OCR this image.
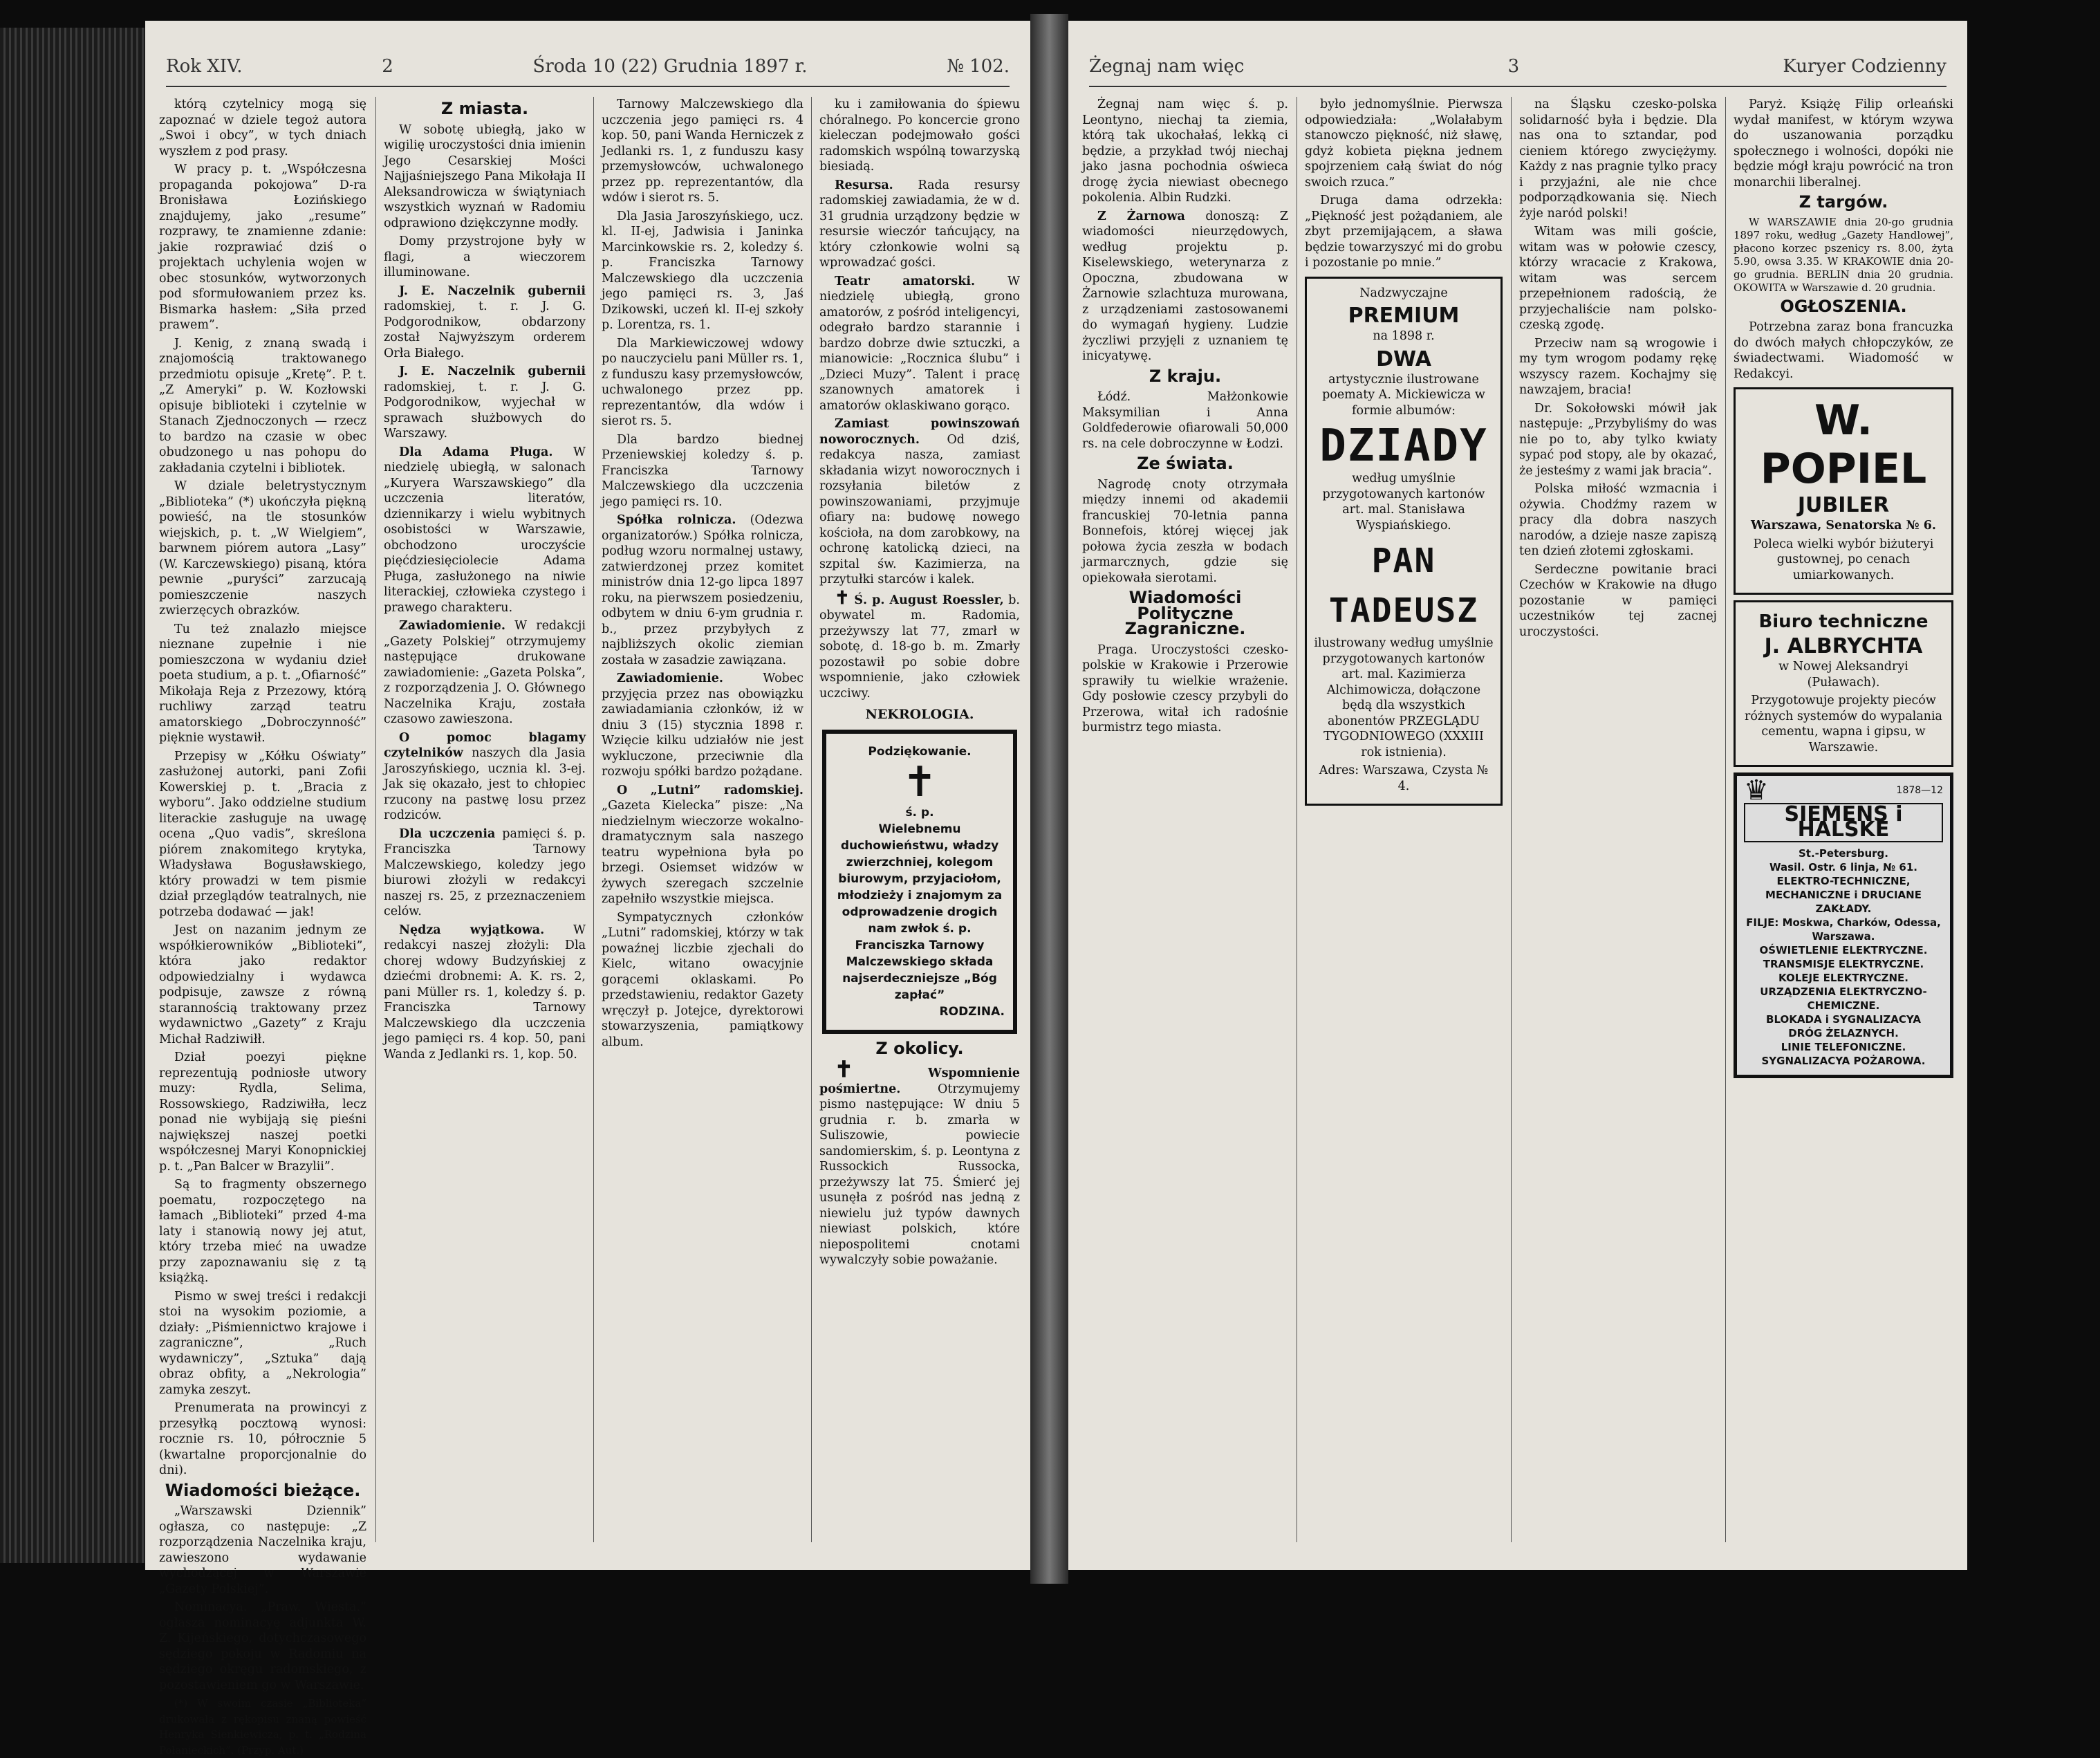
Rok XIV.	2	Środa 10 (22) Grudnia 1897 r.	№ 102.

którą czytelnicy mogą się zapoznać w dziele tegoż autora „Swoi i obcy”, w tych dniach wyszłem z pod prasy.

W pracy p. t. „Współczesna propaganda pokojowa” D-ra Bronisława Łozińskiego znajdujemy, jako „resume” rozprawy, te znamienne zdanie: jakie rozprawiać dziś o projektach uchylenia wojen w obec stosunków, wytworzonych pod sformułowaniem przez ks. Bismarka hasłem: „Siła przed prawem”.

J. Kenig, z znaną swadą i znajomością traktowanego przedmiotu opisuje „Kretę”. P. t. „Z Ameryki” p. W. Kozłowski opisuje biblioteki i czytelnie w Stanach Zjednoczonych — rzecz to bardzo na czasie w obec obudzonego u nas pohopu do zakładania czytelni i bibliotek.

W dziale beletrystycznym „Biblioteka” (*) ukończyła piękną powieść, na tle stosunków wiejskich, p. t. „W Wielgiem”, barwnem piórem autora „Lasy” (W. Karczewskiego) pisaną, która pewnie „puryści” zarzucają pomieszczenie naszych zwierzęcych obrazków.

Tu też znalazło miejsce nieznane zupełnie i nie pomieszczona w wydaniu dzieł poeta studium, a p. t. „Ofiarność” Mikołaja Reja z Przezowy, którą ruchliwy zarząd teatru amatorskiego „Dobroczynność” pięknie wystawił.

Przepisy w „Kółku Oświaty” zasłużonej autorki, pani Zofii Kowerskiej p. t. „Bracia z wyboru”. Jako oddzielne studium literackie zasługuje na uwagę ocena „Quo vadis”, skreślona piórem znakomitego krytyka, Władysława Bogusławskiego, który prowadzi w tem pismie dział przeglądów teatralnych, nie potrzeba dodawać — jak!

Jest on nazanim jednym ze współkierowników „Biblioteki”, która jako redaktor odpowiedzialny i wydawca podpisuje, zawsze z równą starannością traktowany przez wydawnictwo „Gazety” z Kraju Michał Radziwiłł.

Dział poezyi piękne reprezentują podniosłe utwory muzy: Rydla, Selima, Rossowskiego, Radziwiłła, lecz ponad nie wybijają się pieśni największej naszej poetki współczesnej Maryi Konopnickiej p. t. „Pan Balcer w Brazylii”.

Są to fragmenty obszernego poematu, rozpoczętego na łamach „Biblioteki” przed 4-ma laty i stanowią nowy jej atut, który trzeba mieć na uwadze przy zapoznawaniu się z tą książką.

Pismo w swej treści i redakcji stoi na wysokim poziomie, a działy: „Piśmiennictwo krajowe i zagraniczne”, „Ruch wydawniczy”, „Sztuka” dają obraz obfity, a „Nekrologia” zamyka zeszyt.

Prenumerata na prowincyi z przesyłką pocztową wynosi: rocznie rs. 10, półrocznie 5 (kwartalne proporcjonalnie do dni).

Wiadomości bieżące.

„Warszawski Dziennik” ogłasza, co następuje: „Z rozporządzenia Naczelnika kraju, zawieszono wydawanie wychodzącej w Warszawie „Gazety Polskiej”.

Nominacya. „Praw. Wiesta.” ogłasza nominacyę adjunkta W. Z. Kijeńskiego, dotychczasowego sędziego pokoju w Radomiu na sędziego okręgu radomskiego, z pozostawieniem go w Warszawie.

(*) W swoim czasie „Biblioteka” drukowała z rękopisu znaną powieść Henryka Sienkiewicza, p. t. „Rodzina Połanieckich”. (Przyp. Aut.)

Z miasta.

W sobotę ubiegłą, jako w wigilię uroczystości dnia imienin Jego Cesarskiej Mości Najjaśniejszego Pana Mikołaja II Aleksandrowicza w świątyniach wszystkich wyznań w Radomiu odprawiono dziękczynne modły.

Domy przystrojone były w flagi, a wieczorem illuminowane.

J. E. Naczelnik gubernii radomskiej, t. r. J. G. Podgorodnikow, obdarzony został Najwyższym orderem Orła Białego.

J. E. Naczelnik gubernii radomskiej, t. r. J. G. Podgorodnikow, wyjechał w sprawach służbowych do Warszawy.

Dla Adama Pługa. W niedzielę ubiegłą, w salonach „Kuryera Warszawskiego” dla uczczenia literatów, dziennikarzy i wielu wybitnych osobistości w Warszawie, obchodzono uroczyście pięćdziesięciolecie Adama Pługa, zasłużonego na niwie literackiej, człowieka czystego i prawego charakteru.

Zawiadomienie. W redakcji „Gazety Polskiej” otrzymujemy następujące drukowane zawiadomienie: „Gazeta Polska”, z rozporządzenia J. O. Głównego Naczelnika Kraju, została czasowo zawieszona.

O pomoc blagamy czytelników naszych dla Jasia Jaroszyńskiego, ucznia kl. 3-ej. Jak się okazało, jest to chłopiec rzucony na pastwę losu przez rodziców.

Dla uczczenia pamięci ś. p. Franciszka Tarnowy Malczewskiego, koledzy jego biurowi złożyli w redakcyi naszej rs. 25, z przeznaczeniem celów.

Nędza wyjątkowa. W redakcyi naszej złożyli: Dla chorej wdowy Budzyńskiej z dziećmi drobnemi: A. K. rs. 2, pani Müller rs. 1, koledzy ś. p. Franciszka Tarnowy Malczewskiego dla uczczenia jego pamięci rs. 4 kop. 50, pani Wanda z Jedlanki rs. 1, kop. 50.

Tarnowy Malczewskiego dla uczczenia jego pamięci rs. 4 kop. 50, pani Wanda Herniczek z Jedlanki rs. 1, z funduszu kasy przemysłowców, uchwalonego przez pp. reprezentantów, dla wdów i sierot rs. 5.

Dla Jasia Jaroszyńskiego, ucz. kl. II-ej, Jadwisia i Janinka Marcinkowskie rs. 2, koledzy ś. p. Franciszka Tarnowy Malczewskiego dla uczczenia jego pamięci rs. 3, Jaś Dzikowski, uczeń kl. II-ej szkoły p. Lorentza, rs. 1.

Dla Markiewiczowej wdowy po nauczycielu pani Müller rs. 1, z funduszu kasy przemysłowców, uchwalonego przez pp. reprezentantów, dla wdów i sierot rs. 5.

Dla bardzo biednej Przeniewskiej koledzy ś. p. Franciszka Tarnowy Malczewskiego dla uczczenia jego pamięci rs. 10.

Spółka rolnicza. (Odezwa organizatorów.) Spółka rolnicza, podług wzoru normalnej ustawy, zatwierdzonej przez komitet ministrów dnia 12-go lipca 1897 roku, na pierwszem posiedzeniu, odbytem w dniu 6-ym grudnia r. b., przez przybyłych z najbliższych okolic ziemian została w zasadzie zawiązana.

Zawiadomienie.	Wobec przyjęcia przez nas obowiązku zawiadamiania członków, iż w dniu 3 (15) stycznia 1898 r. Wzięcie kilku udziałów nie jest wykluczone, przeciwnie dla rozwoju spółki bardzo pożądane.

O „Lutni” radomskiej. „Gazeta Kielecka” pisze: „Na niedzielnym wieczorze wokalno-dramatycznym sala naszego teatru wypełniona była po brzegi. Osiemset widzów w żywych szeregach szczelnie zapełniło wszystkie miejsca.

Sympatycznych członków „Lutni” radomskiej, którzy w tak powaźnej liczbie zjechali do Kielc, witano owacyjnie gorącemi oklaskami. Po przedstawieniu, redaktor Gazety wręczył p. Jotejce, dyrektorowi stowarzyszenia, pamiątkowy album.

ku i zamiłowania do śpiewu chóralnego. Po koncercie grono kieleczan podejmowało gości radomskich wspólną towarzyską biesiadą.

Resursa. Rada resursy radomskiej zawiadamia, że w d. 31 grudnia urządzony będzie w resursie wieczór tańcujący, na który członkowie wolni są wprowadzać gości.

Teatr amatorski.	W niedzielę ubiegłą, grono amatorów, z pośród inteligencyi, odegrało bardzo starannie i bardzo dobrze dwie sztuczki, a mianowicie: „Rocznica ślubu” i „Dzieci Muzy”. Talent i pracę szanownych amatorek i amatorów oklaskiwano gorąco.

Zamiast powinszowań noworocznych. Od dziś, redakcya nasza, zamiast składania wizyt noworocznych i rozsyłania biletów z powinszowaniami, przyjmuje ofiary na: budowę nowego kościoła, na dom zarobkowy, na ochronę katolicką dzieci, na szpital św. Kazimierza, na przytułki starców i kalek.

✝ Ś. p. August Roessler, b. obywatel m. Radomia, przeżywszy lat 77, zmarł w sobotę, d. 18-go b. m. Zmarły pozostawił po sobie dobre wspomnienie, jako człowiek uczciwy.

NEKROLOGIA.
Podziękowanie.
✝
ś. p.
Wielebnemu duchowieństwu, władzy zwierzchniej, kolegom biurowym, przyjaciołom, młodzieży i znajomym za odprowadzenie drogich nam zwłok ś. p. Franciszka Tarnowy Malczewskiego składa najserdeczniejsze „Bóg zapłać”
RODZINA.
Z okolicy.

✝	Wspomnienie pośmiertne.	Otrzymujemy pismo następujące: W dniu 5 grudnia r. b. zmarła w Suliszowie, powiecie sandomierskim, ś. p. Leontyna z Russockich Russocka, przeżywszy lat 75. Śmierć jej usunęła z pośród nas jedną z niewielu już typów dawnych niewiast polskich, które niepospolitemi cnotami wywalczyły sobie poważanie.

Żegnaj nam więc	3	Kuryer Codzienny

Żegnaj nam więc ś. p. Leontyno, niechaj ta ziemia, którą tak ukochałaś, lekką ci będzie, a przykład twój niechaj jako jasna pochodnia oświeca drogę życia niewiast obecnego pokolenia. Albin Rudzki.

Z Żarnowa donoszą: Z wiadomości nieurzędowych, według projektu p. Kiselewskiego, weterynarza z Opoczna, zbudowana w Żarnowie szlachtuza murowana, z urządzeniami zastosowanemi do wymagań hygieny. Ludzie życzliwi przyjęli z uznaniem tę inicyatywę.

Z kraju.

Łódź. Małżonkowie Maksymilian i Anna Goldfederowie ofiarowali 50,000 rs. na cele dobroczynne w Łodzi.

Ze świata.

Nagrodę cnoty otrzymała między innemi od akademii francuskiej 70-letnia panna Bonnefois, której więcej jak połowa życia zeszła w bodach jarmarcznych, gdzie się opiekowała sierotami.

Wiadomości Polityczne Zagraniczne.

Praga. Uroczystości czesko-polskie w Krakowie i Przerowie sprawiły tu wielkie wrażenie. Gdy posłowie czescy przybyli do Przerowa, witał ich radośnie burmistrz tego miasta.

było jednomyślnie. Pierwsza odpowiedziała: „Wolałabym stanowczo piękność, niż sławę, gdyż kobieta piękna jednem spojrzeniem całą świat do nóg swoich rzuca.”

Druga dama odrzekła: „Piękność jest pożądaniem, ale zbyt przemijającem, a sława będzie towarzyszyć mi do grobu i pozostanie po mnie.”

Nadzwyczajne

PREMIUM

na 1898 r.

DWA

artystycznie ilustrowane poematy A. Mickiewicza w formie albumów:

DZIADY

według umyślnie przygotowanych kartonów art. mal. Stanisława Wyspiańskiego.

PAN TADEUSZ

ilustrowany według umyślnie przygotowanych kartonów art. mal. Kazimierza Alchimowicza, dołączone będą dla wszystkich abonentów PRZEGLĄDU TYGODNIOWEGO (XXXIII rok istnienia).

Adres: Warszawa, Czysta № 4.

na Śląsku czesko-polska solidarność była i będzie. Dla nas ona to sztandar, pod cieniem którego zwyciężymy. Każdy z nas pragnie tylko pracy i przyjaźni, ale nie chce podporządkowania się. Niech żyje naród polski!

Witam was mili goście, witam was w połowie czescy, którzy wracacie z Krakowa, witam was sercem przepełnionem radością, że przyjechaliście nam polsko-czeską zgodę.

Przeciw nam są wrogowie i my tym wrogom podamy rękę wszyscy razem. Kochajmy się nawzajem, bracia!

Dr. Sokołowski mówił jak następuje: „Przybyliśmy do was nie po to, aby tylko kwiaty sypać pod stopy, ale by okazać, że jesteśmy z wami jak bracia”.

Polska miłość wzmacnia i ożywia. Chodźmy razem w pracy dla dobra naszych narodów, a dzieje nasze zapiszą ten dzień złotemi zgłoskami.

Serdeczne powitanie braci Czechów w Krakowie na długo pozostanie w pamięci uczestników tej zacnej uroczystości.

Paryż. Książę Filip orleański wydał manifest, w którym wzywa do uszanowania porządku społecznego i wolności, dopóki nie będzie mógł kraju powrócić na tron monarchii liberalnej.

Z targów.

W WARSZAWIE dnia 20-go grudnia 1897 roku, według „Gazety Handlowej”, płacono korzec pszenicy rs. 8.00, żyta 5.90, owsa 3.35. W KRAKOWIE dnia 20-go grudnia. BERLIN dnia 20 grudnia. OKOWITA w Warszawie d. 20 grudnia.

OGŁOSZENIA.

Potrzebna zaraz bona francuzka do dwóch małych chłopczyków, ze świadectwami. Wiadomość w Redakcyi.

W. POPIEL
JUBILER

Warszawa, Senatorska № 6.

Poleca wielki wybór biżuteryi gustownej, po cenach umiarkowanych.

Biuro techniczne
J. ALBRYCHTA

w Nowej Aleksandryi (Puławach).

Przygotowuje projekty pieców różnych systemów do wypalania cementu, wapna i gipsu, w Warszawie.

♛	1878—12
SIEMENS i HALSKE
St.-Petersburg.
Wasil. Ostr. 6 linja, № 61.
ELEKTRO-TECHNICZNE, MECHANICZNE i DRUCIANE ZAKŁADY.
FILJE: Moskwa, Charków, Odessa, Warszawa.
OŚWIETLENIE ELEKTRYCZNE.
TRANSMISJE ELEKTRYCZNE.
KOLEJE ELEKTRYCZNE.
URZĄDZENIA ELEKTRYCZNO-CHEMICZNE.
BLOKADA i SYGNALIZACYA
DRÓG ŻELAZNYCH.
LINIE TELEFONICZNE.
SYGNALIZACYA POŻAROWA.
